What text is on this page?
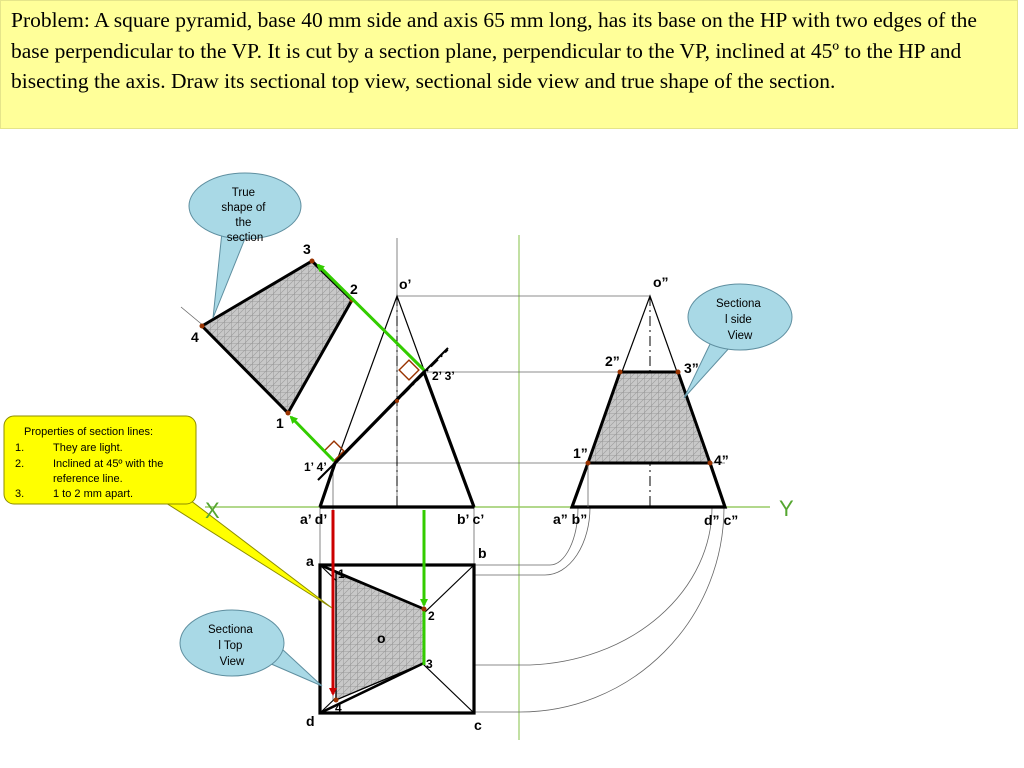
Problem: A square pyramid, base 40 mm side and axis 65 mm long, has its base on the HP with two edges of the base perpendicular to the VP. It is cut by a section plane, perpendicular to the VP, inclined at 45º to the HP and bisecting the axis. Draw its sectional top view, sectional side view and true shape of the section.
True shape of the section
Sectiona l side View
Sectiona l Top View
Properties of section lines: 1.	They are light. 2.	Inclined at 45º with the reference line. 3.	1 to 2 mm apart.
X	Y
o’
a’ d’	b’ c’
2’ 3’
1’ 4’
o”
a” b”	d” c”
1”
2”	3”
4”
a	b
c
d
o
1
2
3
4
1
2
3
4
